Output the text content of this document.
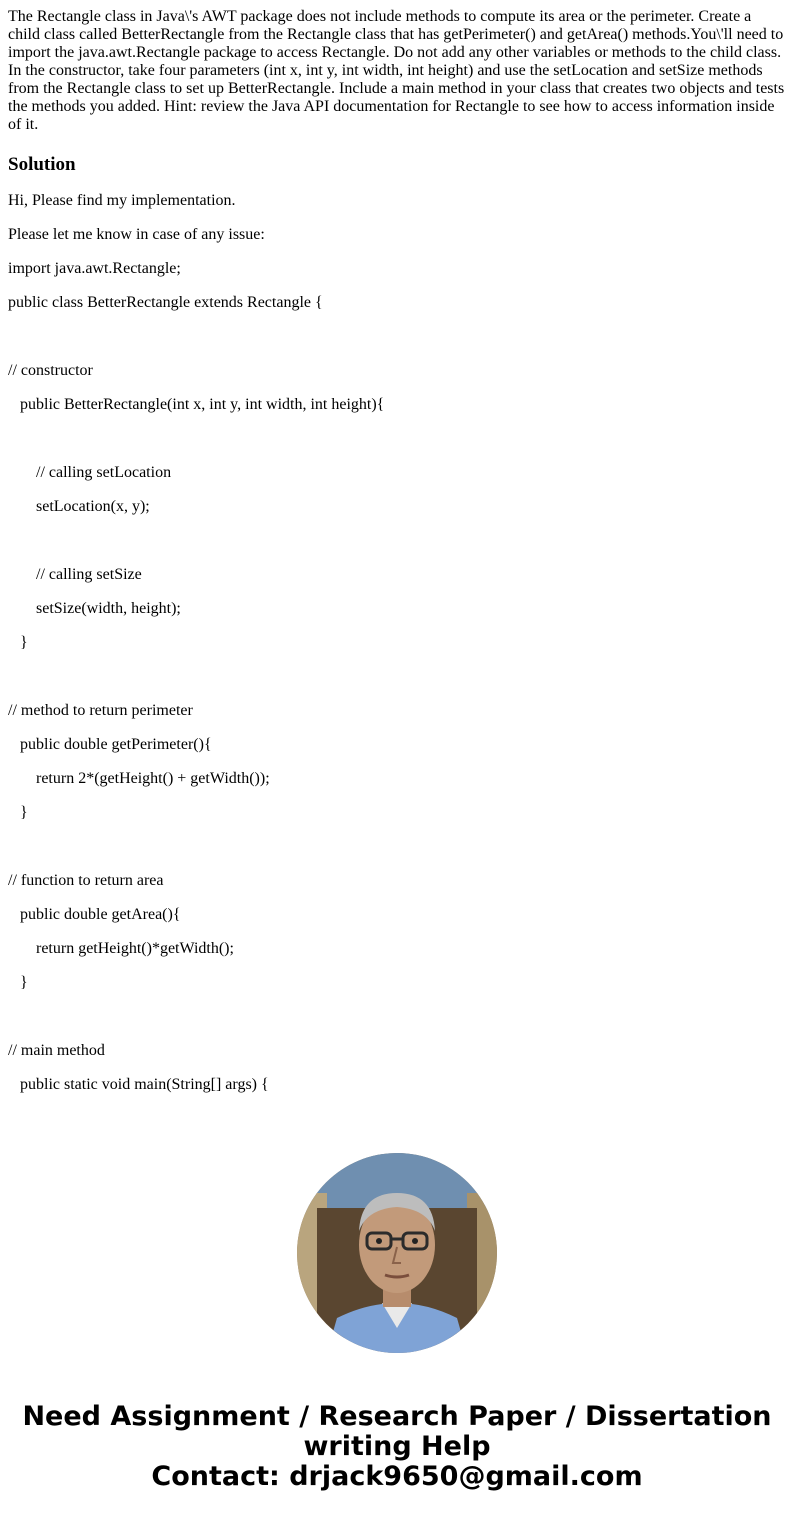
The Rectangle class in Java\'s AWT package does not include methods to compute its area or the perimeter. Create a child class called BetterRectangle from the Rectangle class that has getPerimeter() and getArea() methods.You\'ll need to import the java.awt.Rectangle package to access Rectangle. Do not add any other variables or methods to the child class. In the constructor, take four parameters (int x, int y, int width, int height) and use the setLocation and setSize methods from the Rectangle class to set up BetterRectangle. Include a main method in your class that creates two objects and tests the methods you added. Hint: review the Java API documentation for Rectangle to see how to access information inside of it.

Solution

Hi, Please find my implementation.

Please let me know in case of any issue:

import java.awt.Rectangle;

public class BetterRectangle extends Rectangle {

// constructor

public BetterRectangle(int x, int y, int width, int height){

// calling setLocation

setLocation(x, y);

// calling setSize

setSize(width, height);

}

// method to return perimeter

public double getPerimeter(){

return 2*(getHeight() + getWidth());

}

// function to return area

public double getArea(){

return getHeight()*getWidth();

}

// main method

public static void main(String[] args) {

Need Assignment / Research Paper / Dissertation
writing Help
Contact: drjack9650@gmail.com
